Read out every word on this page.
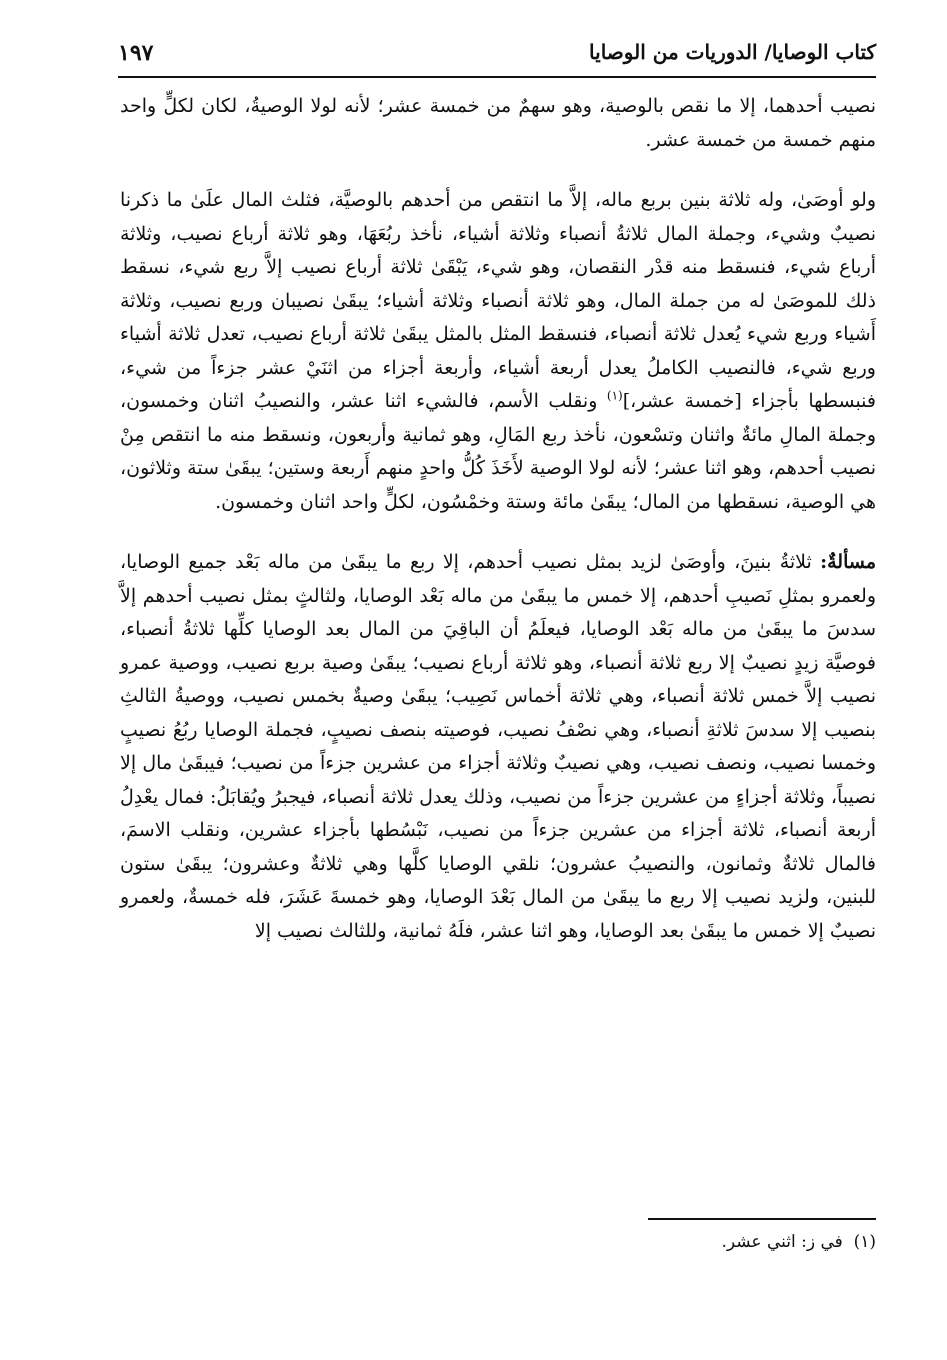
كتاب الوصايا/ الدوريات من الوصايا
١٩٧

نصيب أحدهما، إلا ما نقص بالوصية، وهو سهمٌ من خمسة عشر؛ لأنه لولا الوصيةُ، لكان لكلٍّ واحد منهم خمسة من خمسة عشر.

ولو أوصَىٰ، وله ثلاثة بنين بربع ماله، إلاَّ ما انتقص من أحدهم بالوصيَّة، فثلث المال علَىٰ ما ذكرنا نصيبٌ وشيء، وجملة المال ثلاثةُ أنصباء وثلاثة أشياء، نأخذ ربُعَهَا، وهو ثلاثة أرباع نصيب، وثلاثة أرباع شيء، فنسقط منه قدْر النقصان، وهو شيء، يَبْقَىٰ ثلاثة أرباع نصيب إلاَّ ربع شيء، نسقط ذلك للموصَىٰ له من جملة المال، وهو ثلاثة أنصباء وثلاثة أشياء؛ يبقَىٰ نصيبان وربع نصيب، وثلاثة أَشياء وربع شيء يُعدل ثلاثة أنصباء، فنسقط المثل بالمثل يبقَىٰ ثلاثة أرباع نصيب، تعدل ثلاثة أشياء وربع شيء، فالنصيب الكاملُ يعدل أربعة أشياء، وأربعة أجزاء من اثنَيْ عشر جزءاً من شيء، فنبسطها بأجزاء [خمسة عشر،]$^{(١)}$ ونقلب الأسم، فالشيء اثنا عشر، والنصيبُ اثنان وخمسون، وجملة المالِ مائةٌ واثنان وتسْعون، نأخذ ربع المَالِ، وهو ثمانية وأربعون، ونسقط منه ما انتقص مِنْ نصيب أحدهم، وهو اثنا عشر؛ لأنه لولا الوصية لأَخَذَ كُلُّ واحدٍ منهم أَربعة وستين؛ يبقَىٰ ستة وثلاثون، هي الوصية، نسقطها من المال؛ يبقَىٰ مائة وستة وخمْسُون، لكلٍّ واحد اثنان وخمسون.

مسألةٌ: ثلاثةُ بنينَ، وأوصَىٰ لزيد بمثل نصيب أحدهم، إلا ربع ما يبقَىٰ من ماله بَعْد جميع الوصايا، ولعمرو بمثلِ نَصيبِ أحدهم، إلا خمس ما يبقَىٰ من ماله بَعْد الوصايا، ولثالثٍ بمثل نصيب أحدهم إلاَّ سدسَ ما يبقَىٰ من ماله بَعْد الوصايا، فيعلَمُ أن الباقِيَ من المال بعد الوصايا كلِّها ثلاثةُ أنصباء، فوصيَّة زيدٍ نصيبٌ إلا ربع ثلاثة أنصباء، وهو ثلاثة أرباع نصيب؛ يبقَىٰ وصية بربع نصيب، ووصية عمرو نصيب إلاَّ خمس ثلاثة أنصباء، وهي ثلاثة أخماس نَصِيب؛ يبقَىٰ وصيةٌ بخمس نصيب، ووصيةُ الثالثِ بنصيب إلا سدسَ ثلاثةِ أنصباء، وهي نصْفُ نصيب، فوصيته بنصف نصيبٍ، فجملة الوصايا ربُعُ نصيبٍ وخمسا نصيب، ونصف نصيب، وهي نصيبٌ وثلاثة أجزاء من عشرين جزءاً من نصيب؛ فيبقَىٰ مال إلا نصيباً، وثلاثة أجزاءٍ من عشرين جزءاً من نصيب، وذلك يعدل ثلاثة أنصباء، فيجبرُ ويُقابَلُ: فمال يعْدِلُ أربعة أنصباء، ثلاثة أجزاء من عشرين جزءاً من نصيب، نَبْسُطها بأجزاء عشرين، ونقلب الاسمَ، فالمال ثلاثةٌ وثمانون، والنصيبُ عشرون؛ نلقي الوصايا كلَّها وهي ثلاثةٌ وعشرون؛ يبقَىٰ ستون للبنين، ولزيد نصيب إلا ربع ما يبقَىٰ من المال بَعْدَ الوصايا، وهو خمسةَ عَشَرَ، فله خمسةٌ، ولعمرو نصيبٌ إلا خمس ما يبقَىٰ بعد الوصايا، وهو اثنا عشر، فلَهُ ثمانية، وللثالث نصيب إلا

(١)  في ز: اثني عشر.
